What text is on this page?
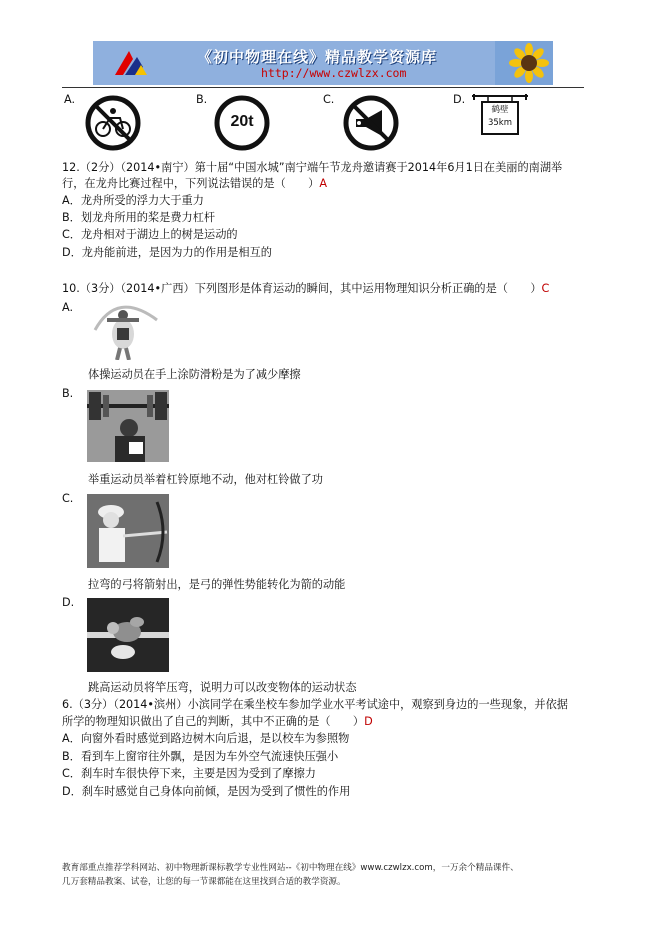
《初中物理在线》精品教学资源库
http://www.czwlzx.com
A.	B.
20t
C.	D.
鹤壁
35km
12.（2分）（2014•南宁）第十届“中国水城”南宁端午节龙舟邀请赛于2014年6月1日在美丽的南湖举
行，在龙舟比赛过程中，下列说法错误的是（　　）A
A．龙舟所受的浮力大于重力
B．划龙舟所用的桨是费力杠杆
C．龙舟相对于湖边上的树是运动的
D．龙舟能前进，是因为力的作用是相互的
10.（3分）（2014•广西）下列图形是体育运动的瞬间，其中运用物理知识分析正确的是（　　）C
A.
体操运动员在手上涂防滑粉是为了减少摩擦
B.
举重运动员举着杠铃原地不动，他对杠铃做了功
C.
拉弯的弓将箭射出，是弓的弹性势能转化为箭的动能
D.
跳高运动员将竿压弯，说明力可以改变物体的运动状态
6.（3分）（2014•滨州）小滨同学在乘坐校车参加学业水平考试途中，观察到身边的一些现象，并依据
所学的物理知识做出了自己的判断，其中不正确的是（　　）D
A．向窗外看时感觉到路边树木向后退，是以校车为参照物
B．看到车上窗帘往外飘，是因为车外空气流速快压强小
C．刹车时车很快停下来，主要是因为受到了摩擦力
D．刹车时感觉自己身体向前倾，是因为受到了惯性的作用
教育部重点推荐学科网站、初中物理新课标教学专业性网站--《初中物理在线》www.czwlzx.com，一万余个精品课件、
几万套精品教案、试卷，让您的每一节课都能在这里找到合适的教学资源。
